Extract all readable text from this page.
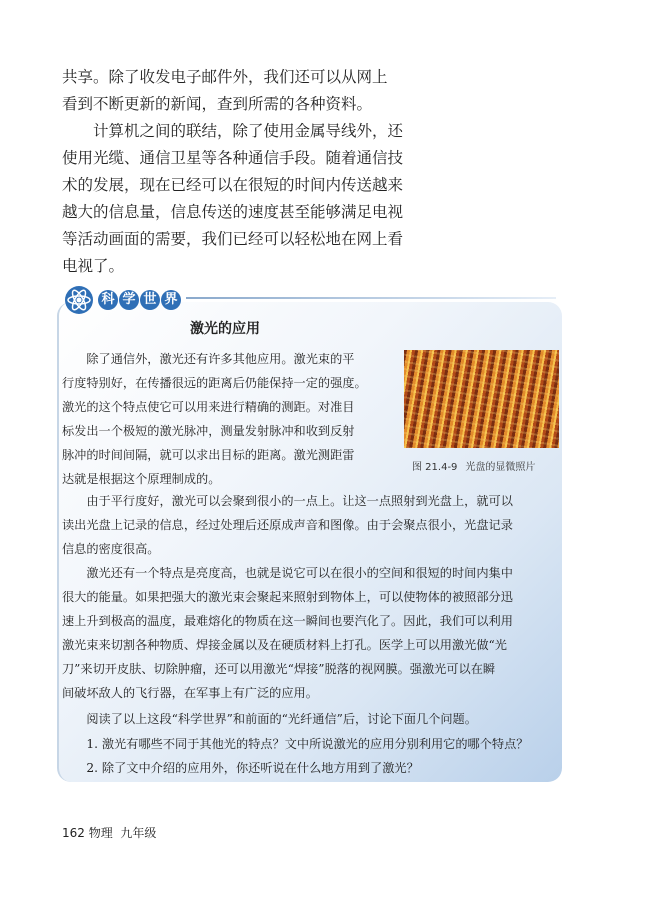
共享。除了收发电子邮件外，我们还可以从网上
看到不断更新的新闻，查到所需的各种资料。
　　计算机之间的联结，除了使用金属导线外，还
使用光缆、通信卫星等各种通信手段。随着通信技
术的发展，现在已经可以在很短的时间内传送越来
越大的信息量，信息传送的速度甚至能够满足电视
等活动画面的需要，我们已经可以轻松地在网上看
电视了。
科 学 世 界
激光的应用
图 21.4-9 光盘的显微照片
　　除了通信外，激光还有许多其他应用。激光束的平
行度特别好，在传播很远的距离后仍能保持一定的强度。
激光的这个特点使它可以用来进行精确的测距。对准目
标发出一个极短的激光脉冲，测量发射脉冲和收到反射
脉冲的时间间隔，就可以求出目标的距离。激光测距雷
达就是根据这个原理制成的。
　　由于平行度好，激光可以会聚到很小的一点上。让这一点照射到光盘上，就可以
读出光盘上记录的信息，经过处理后还原成声音和图像。由于会聚点很小，光盘记录
信息的密度很高。
　　激光还有一个特点是亮度高，也就是说它可以在很小的空间和很短的时间内集中
很大的能量。如果把强大的激光束会聚起来照射到物体上，可以使物体的被照部分迅
速上升到极高的温度，最难熔化的物质在这一瞬间也要汽化了。因此，我们可以利用
激光束来切割各种物质、焊接金属以及在硬质材料上打孔。医学上可以用激光做“光
刀”来切开皮肤、切除肿瘤，还可以用激光“焊接”脱落的视网膜。强激光可以在瞬
间破坏敌人的飞行器，在军事上有广泛的应用。
　　阅读了以上这段“科学世界”和前面的“光纤通信”后，讨论下面几个问题。
　　1. 激光有哪些不同于其他光的特点？文中所说激光的应用分别利用它的哪个特点？
　　2. 除了文中介绍的应用外，你还听说在什么地方用到了激光？
162 物理 九年级
